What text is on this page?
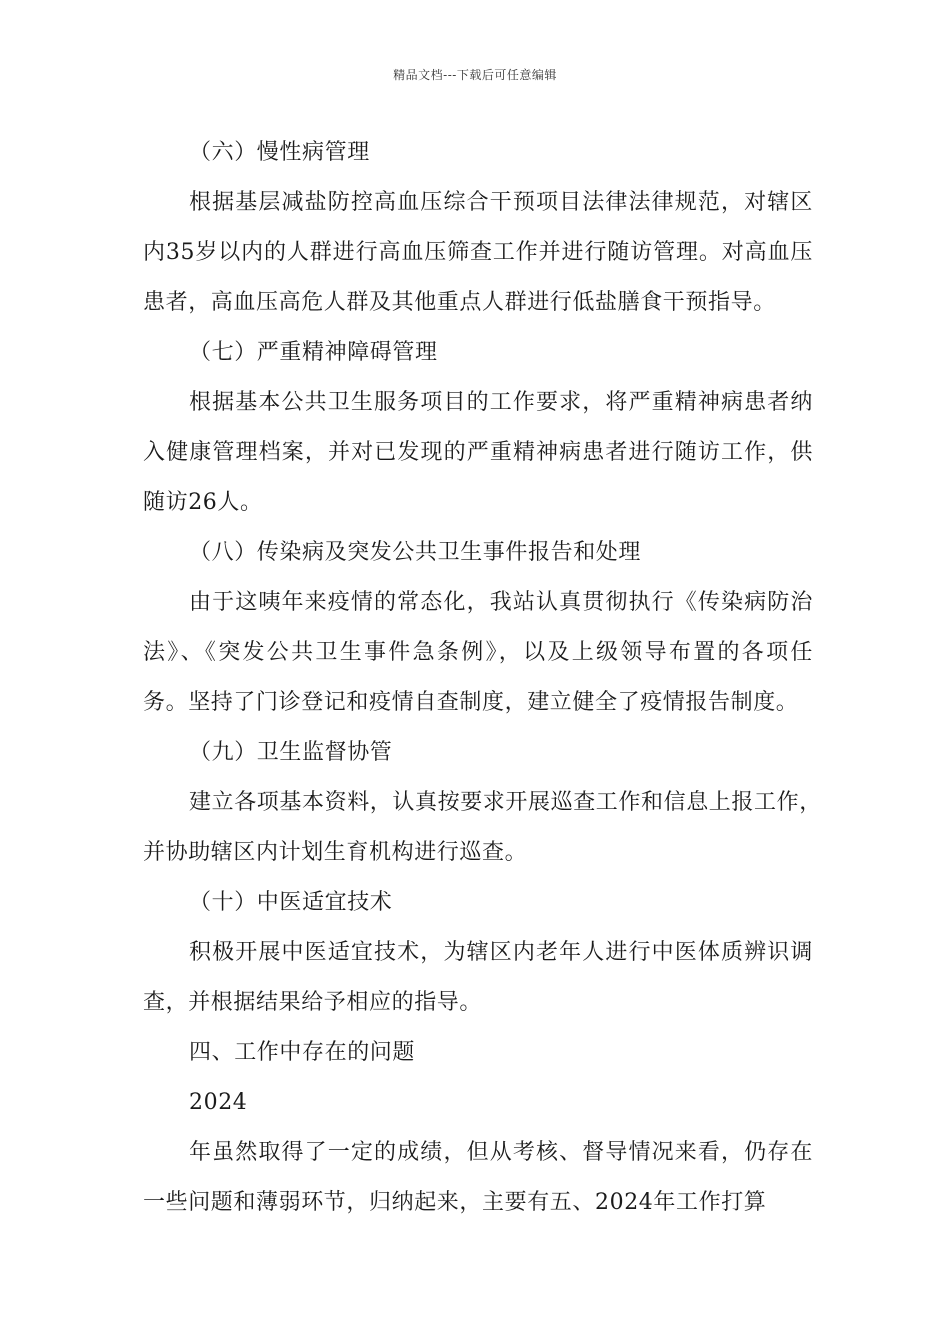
精品文档---下载后可任意编辑
（六）慢性病管理
根据基层减盐防控高血压综合干预项目法律法律规范，对辖区
内35岁以内的人群进行高血压筛查工作并进行随访管理。对高血压
患者，高血压高危人群及其他重点人群进行低盐膳食干预指导。
（七）严重精神障碍管理
根据基本公共卫生服务项目的工作要求，将严重精神病患者纳
入健康管理档案，并对已发现的严重精神病患者进行随访工作，供
随访26人。
（八）传染病及突发公共卫生事件报告和处理
由于这咦年来疫情的常态化，我站认真贯彻执行《传染病防治
法》、《突发公共卫生事件急条例》，以及上级领导布置的各项任
务。坚持了门诊登记和疫情自查制度，建立健全了疫情报告制度。
（九）卫生监督协管
建立各项基本资料，认真按要求开展巡查工作和信息上报工作，
并协助辖区内计划生育机构进行巡查。
（十）中医适宜技术
积极开展中医适宜技术，为辖区内老年人进行中医体质辨识调
查，并根据结果给予相应的指导。
四、工作中存在的问题
2024
年虽然取得了一定的成绩，但从考核、督导情况来看，仍存在
一些问题和薄弱环节，归纳起来，主要有五、2024年工作打算
